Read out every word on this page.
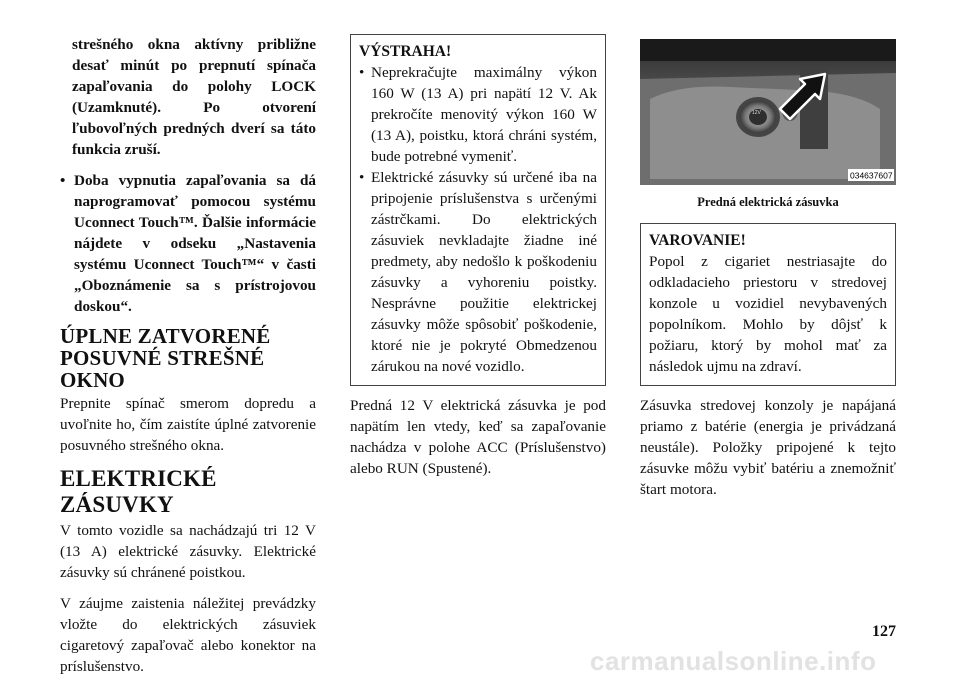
strešného okna aktívny približne desať minút po prepnutí spínača zapaľovania do polohy LOCK (Uzamknuté). Po otvorení ľubovoľných predných dverí sa táto funkcia zruší.

• Doba vypnutia zapaľovania sa dá naprogramovať pomocou systému Uconnect Touch™. Ďalšie informácie nájdete v odseku „Nastavenia systému Uconnect Touch™“ v časti „Oboznámenie sa s prístrojovou doskou“.
ÚPLNE ZATVORENÉ POSUVNÉ STREŠNÉ OKNO

Prepnite spínač smerom dopredu a uvoľnite ho, čím zaistíte úplné zatvorenie posuvného strešného okna.

ELEKTRICKÉ ZÁSUVKY

V tomto vozidle sa nachádzajú tri 12 V (13 A) elektrické zásuvky. Elektrické zásuvky sú chránené poistkou.

V záujme zaistenia náležitej prevádzky vložte do elektrických zásuviek cigaretový zapaľovač alebo konektor na príslušenstvo.

VÝSTRAHA!

• Neprekračujte maximálny výkon 160 W (13 A) pri napätí 12 V. Ak prekročíte menovitý výkon 160 W (13 A), poistku, ktorá chráni systém, bude potrebné vymeniť.
• Elektrické zásuvky sú určené iba na pripojenie príslušenstva s určenými zástrčkami. Do elektrických zásuviek nevkladajte žiadne iné predmety, aby nedošlo k poškodeniu zásuvky a vyhoreniu poistky. Nesprávne použitie elektrickej zásuvky môže spôsobiť poškodenie, ktoré nie je pokryté Obmedzenou zárukou na nové vozidlo.

Predná 12 V elektrická zásuvka je pod napätím len vtedy, keď sa zapaľovanie nachádza v polohe ACC (Príslušenstvo) alebo RUN (Spustené).

12V
034637607

Predná elektrická zásuvka

VAROVANIE!

Popol z cigariet nestriasajte do odkladacieho priestoru v stredovej konzole u vozidiel nevybavených popolníkom. Mohlo by dôjsť k požiaru, ktorý by mohol mať za následok ujmu na zdraví.

Zásuvka stredovej konzoly je napájaná priamo z batérie (energia je privádzaná neustále). Položky pripojené k tejto zásuvke môžu vybiť batériu a znemožniť štart motora.

127
carmanualsonline.info
